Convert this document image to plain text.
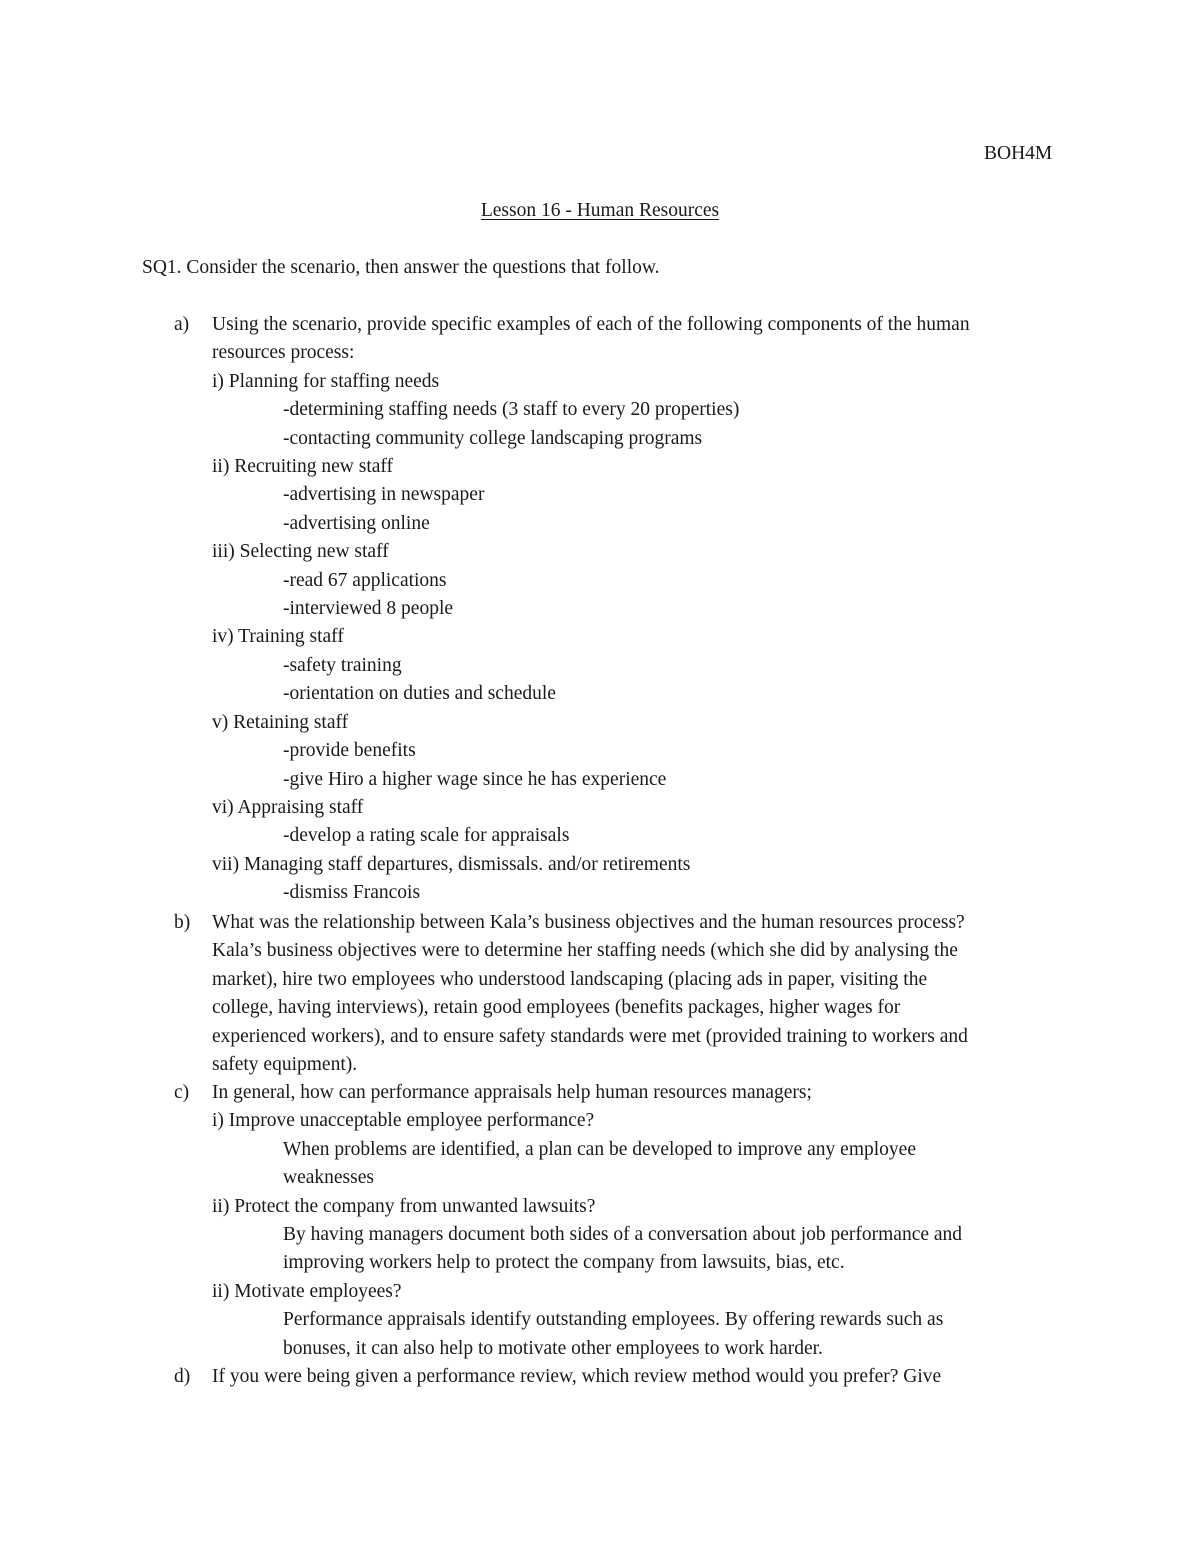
BOH4M
Lesson 16 - Human Resources
SQ1. Consider the scenario, then answer the questions that follow.
a) Using the scenario, provide specific examples of each of the following components of the human

resources process:

i) Planning for staffing needs

-determining staffing needs (3 staff to every 20 properties)

-contacting community college landscaping programs

ii) Recruiting new staff

-advertising in newspaper

-advertising online

iii) Selecting new staff

-read 67 applications

-interviewed 8 people

iv) Training staff

-safety training

-orientation on duties and schedule

v) Retaining staff

-provide benefits

-give Hiro a higher wage since he has experience

vi) Appraising staff

-develop a rating scale for appraisals

vii) Managing staff departures, dismissals. and/or retirements

-dismiss Francois

b) What was the relationship between Kala’s business objectives and the human resources process?

Kala’s business objectives were to determine her staffing needs (which she did by analysing the

market), hire two employees who understood landscaping (placing ads in paper, visiting the

college, having interviews), retain good employees (benefits packages, higher wages for

experienced workers), and to ensure safety standards were met (provided training to workers and

safety equipment).

c) In general, how can performance appraisals help human resources managers;

i) Improve unacceptable employee performance?

When problems are identified, a plan can be developed to improve any employee

weaknesses

ii) Protect the company from unwanted lawsuits?

By having managers document both sides of a conversation about job performance and

improving workers help to protect the company from lawsuits, bias, etc.

ii) Motivate employees?

Performance appraisals identify outstanding employees. By offering rewards such as

bonuses, it can also help to motivate other employees to work harder.

d) If you were being given a performance review, which review method would you prefer? Give
